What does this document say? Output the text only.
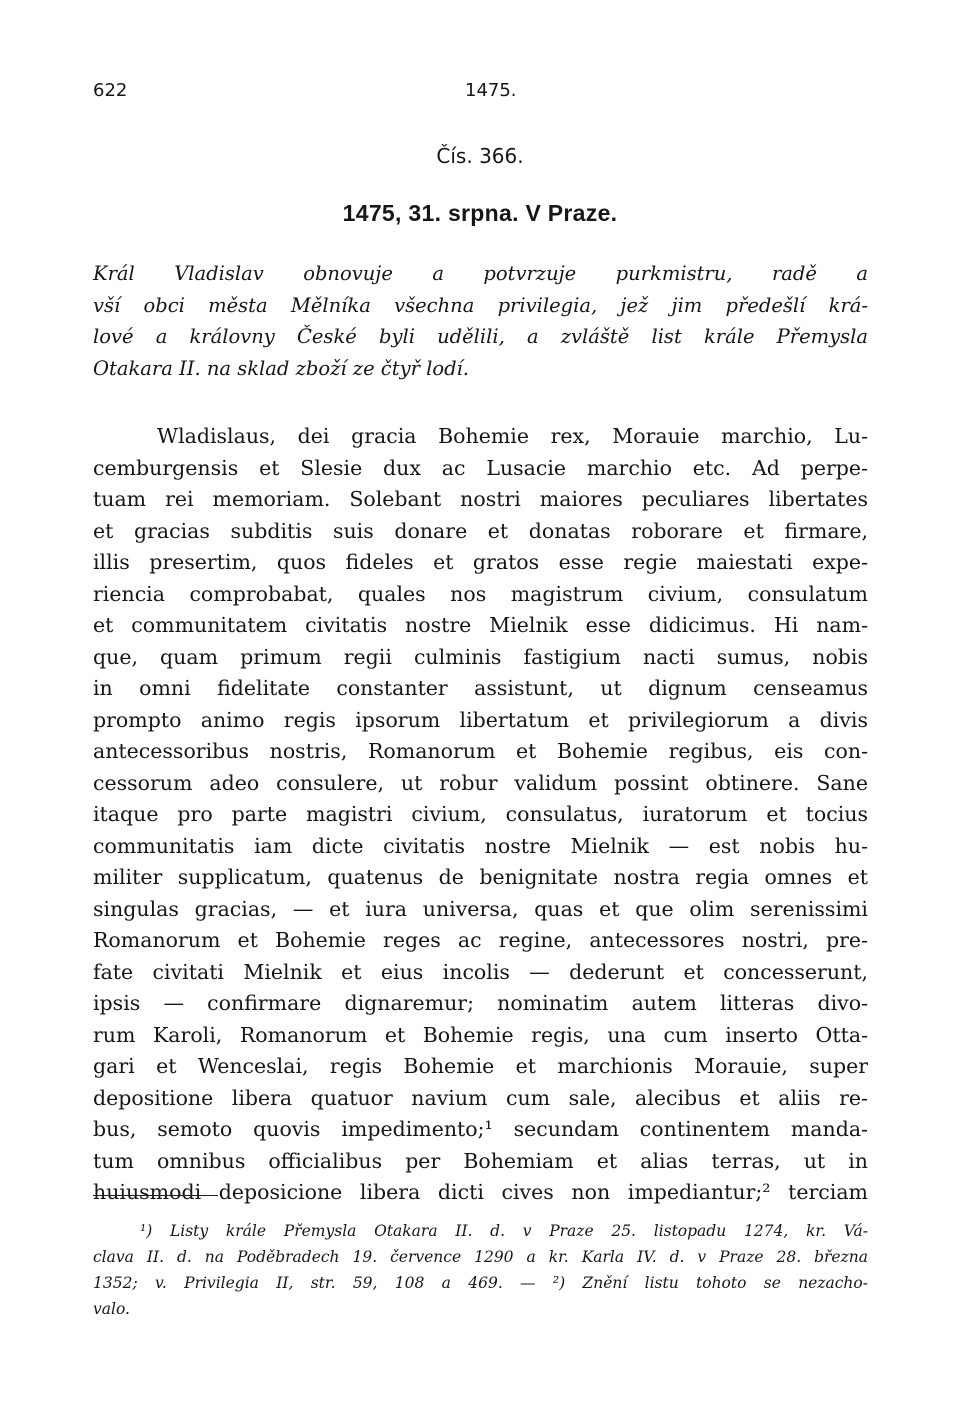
622	1475.
Čís. 366.
1475, 31. srpna. V Praze.
Král Vladislav obnovuje a potvrzuje purkmistru, radě a
vší obci města Mělníka všechna privilegia, jež jim předešlí krá-
lové a královny České byli udělili, a zvláště list krále Přemysla
Otakara II. na sklad zboží ze čtyř lodí.
Wladislaus, dei gracia Bohemie rex, Morauie marchio, Lu-
cemburgensis et Slesie dux ac Lusacie marchio etc. Ad perpe-
tuam rei memoriam. Solebant nostri maiores peculiares libertates
et gracias subditis suis donare et donatas roborare et firmare,
illis presertim, quos fideles et gratos esse regie maiestati expe-
riencia comprobabat, quales nos magistrum civium, consulatum
et communitatem civitatis nostre Mielnik esse didicimus. Hi nam-
que, quam primum regii culminis fastigium nacti sumus, nobis
in omni fidelitate constanter assistunt, ut dignum censeamus
prompto animo regis ipsorum libertatum et privilegiorum a divis
antecessoribus nostris, Romanorum et Bohemie regibus, eis con-
cessorum adeo consulere, ut robur validum possint obtinere. Sane
itaque pro parte magistri civium, consulatus, iuratorum et tocius
communitatis iam dicte civitatis nostre Mielnik — est nobis hu-
militer supplicatum, quatenus de benignitate nostra regia omnes et
singulas gracias, — et iura universa, quas et que olim serenissimi
Romanorum et Bohemie reges ac regine, antecessores nostri, pre-
fate civitati Mielnik et eius incolis — dederunt et concesserunt,
ipsis — confirmare dignaremur; nominatim autem litteras divo-
rum Karoli, Romanorum et Bohemie regis, una cum inserto Otta-
gari et Wenceslai, regis Bohemie et marchionis Morauie, super
depositione libera quatuor navium cum sale, alecibus et aliis re-
bus, semoto quovis impedimento;¹ secundam continentem manda-
tum omnibus officialibus per Bohemiam et alias terras, ut in
huiusmodi deposicione libera dicti cives non impediantur;² terciam
¹) Listy krále Přemysla Otakara II. d. v Praze 25. listopadu 1274, kr. Vá-
clava II. d. na Poděbradech 19. července 1290 a kr. Karla IV. d. v Praze 28. března
1352; v. Privilegia II, str. 59, 108 a 469. — ²) Znění listu tohoto se nezacho-
valo.
